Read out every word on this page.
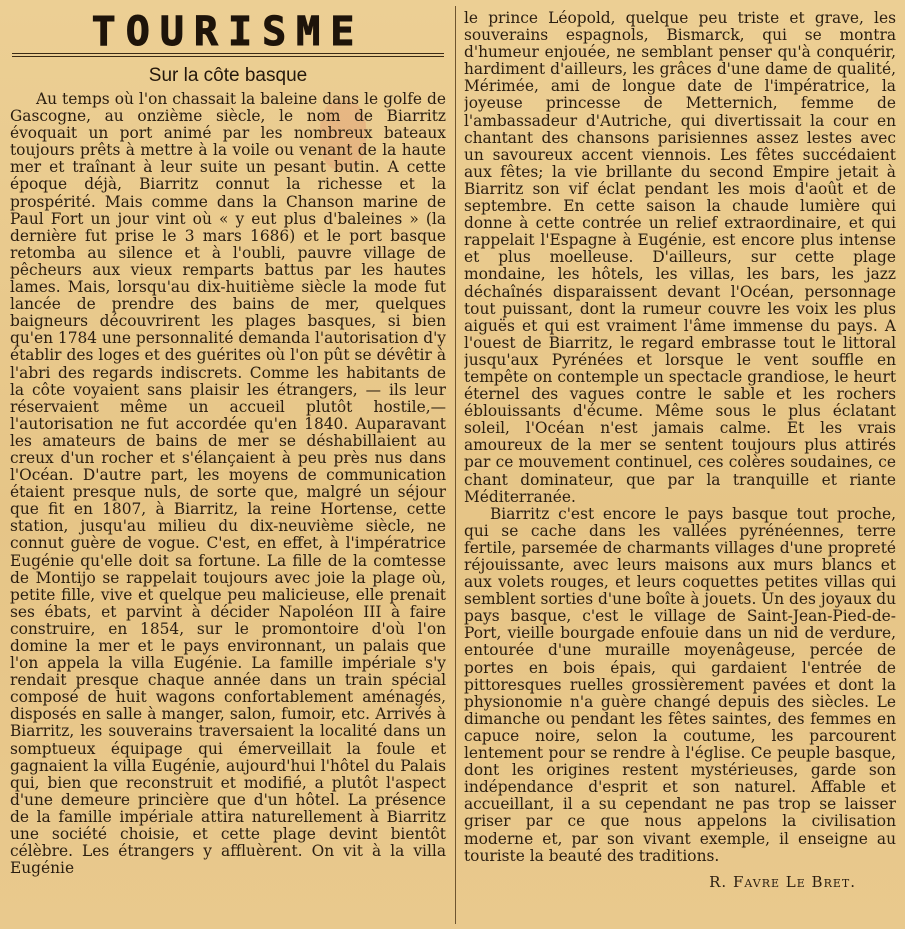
TOURISME
Sur la côte basque

Au temps où l'on chassait la baleine dans le golfe de Gascogne, au onzième siècle, le nom de Biarritz évoquait un port animé par les nombreux bateaux toujours prêts à mettre à la voile ou venant de la haute mer et traînant à leur suite un pesant butin. A cette époque déjà, Biarritz connut la richesse et la prospérité. Mais comme dans la Chanson marine de Paul Fort un jour vint où « y eut plus d'baleines » (la dernière fut prise le 3 mars 1686) et le port basque retomba au silence et à l'oubli, pauvre village de pêcheurs aux vieux remparts battus par les hautes lames. Mais, lorsqu'au dix-huitième siècle la mode fut lancée de prendre des bains de mer, quelques baigneurs découvrirent les plages basques, si bien qu'en 1784 une personnalité demanda l'autorisation d'y établir des loges et des guérites où l'on pût se dévêtir à l'abri des regards indiscrets. Comme les habitants de la côte voyaient sans plaisir les étrangers, — ils leur réservaient même un accueil plutôt hostile,— l'autorisation ne fut accordée qu'en 1840. Auparavant les amateurs de bains de mer se déshabillaient au creux d'un rocher et s'élançaient à peu près nus dans l'Océan. D'autre part, les moyens de communication étaient presque nuls, de sorte que, malgré un séjour que fit en 1807, à Biarritz, la reine Hortense, cette station, jusqu'au milieu du dix-neuvième siècle, ne connut guère de vogue. C'est, en effet, à l'impératrice Eugénie qu'elle doit sa fortune. La fille de la comtesse de Montijo se rappelait toujours avec joie la plage où, petite fille, vive et quelque peu malicieuse, elle prenait ses ébats, et parvint à décider Napoléon III à faire construire, en 1854, sur le promontoire d'où l'on domine la mer et le pays environnant, un palais que l'on appela la villa Eugénie. La famille impériale s'y rendait presque chaque année dans un train spécial composé de huit wagons confortablement aménagés, disposés en salle à manger, salon, fumoir, etc. Arrivés à Biarritz, les souverains traversaient la localité dans un somptueux équipage qui émerveillait la foule et gagnaient la villa Eugénie, aujourd'hui l'hôtel du Palais qui, bien que reconstruit et modifié, a plutôt l'aspect d'une demeure princière que d'un hôtel. La présence de la famille impériale attira naturellement à Biarritz une société choisie, et cette plage devint bientôt célèbre. Les étrangers y affluèrent. On vit à la villa Eugénie

le prince Léopold, quelque peu triste et grave, les souverains espagnols, Bismarck, qui se montra d'humeur enjouée, ne semblant penser qu'à conquérir, hardiment d'ailleurs, les grâces d'une dame de qualité, Mérimée, ami de longue date de l'impératrice, la joyeuse princesse de Metternich, femme de l'ambassadeur d'Autriche, qui divertissait la cour en chantant des chansons parisiennes assez lestes avec un savoureux accent viennois. Les fêtes succédaient aux fêtes; la vie brillante du second Empire jetait à Biarritz son vif éclat pendant les mois d'août et de septembre. En cette saison la chaude lumière qui donne à cette contrée un relief extraordinaire, et qui rappelait l'Espagne à Eugénie, est encore plus intense et plus moelleuse. D'ailleurs, sur cette plage mondaine, les hôtels, les villas, les bars, les jazz déchaînés disparaissent devant l'Océan, personnage tout puissant, dont la rumeur couvre les voix les plus aiguës et qui est vraiment l'âme immense du pays. A l'ouest de Biarritz, le regard embrasse tout le littoral jusqu'aux Pyrénées et lorsque le vent souffle en tempête on contemple un spectacle grandiose, le heurt éternel des vagues contre le sable et les rochers éblouissants d'écume. Même sous le plus éclatant soleil, l'Océan n'est jamais calme. Et les vrais amoureux de la mer se sentent toujours plus attirés par ce mouvement continuel, ces colères soudaines, ce chant dominateur, que par la tranquille et riante Méditerranée.

Biarritz c'est encore le pays basque tout proche, qui se cache dans les vallées pyrénéennes, terre fertile, parsemée de charmants villages d'une propreté réjouissante, avec leurs maisons aux murs blancs et aux volets rouges, et leurs coquettes petites villas qui semblent sorties d'une boîte à jouets. Un des joyaux du pays basque, c'est le village de Saint-Jean-Pied-de-Port, vieille bourgade enfouie dans un nid de verdure, entourée d'une muraille moyenâgeuse, percée de portes en bois épais, qui gardaient l'entrée de pittoresques ruelles grossièrement pavées et dont la physionomie n'a guère changé depuis des siècles. Le dimanche ou pendant les fêtes saintes, des femmes en capuce noire, selon la coutume, les parcourent lentement pour se rendre à l'église. Ce peuple basque, dont les origines restent mystérieuses, garde son indépendance d'esprit et son naturel. Affable et accueillant, il a su cependant ne pas trop se laisser griser par ce que nous appelons la civilisation moderne et, par son vivant exemple, il enseigne au touriste la beauté des traditions.

R. Favre Le Bret.
